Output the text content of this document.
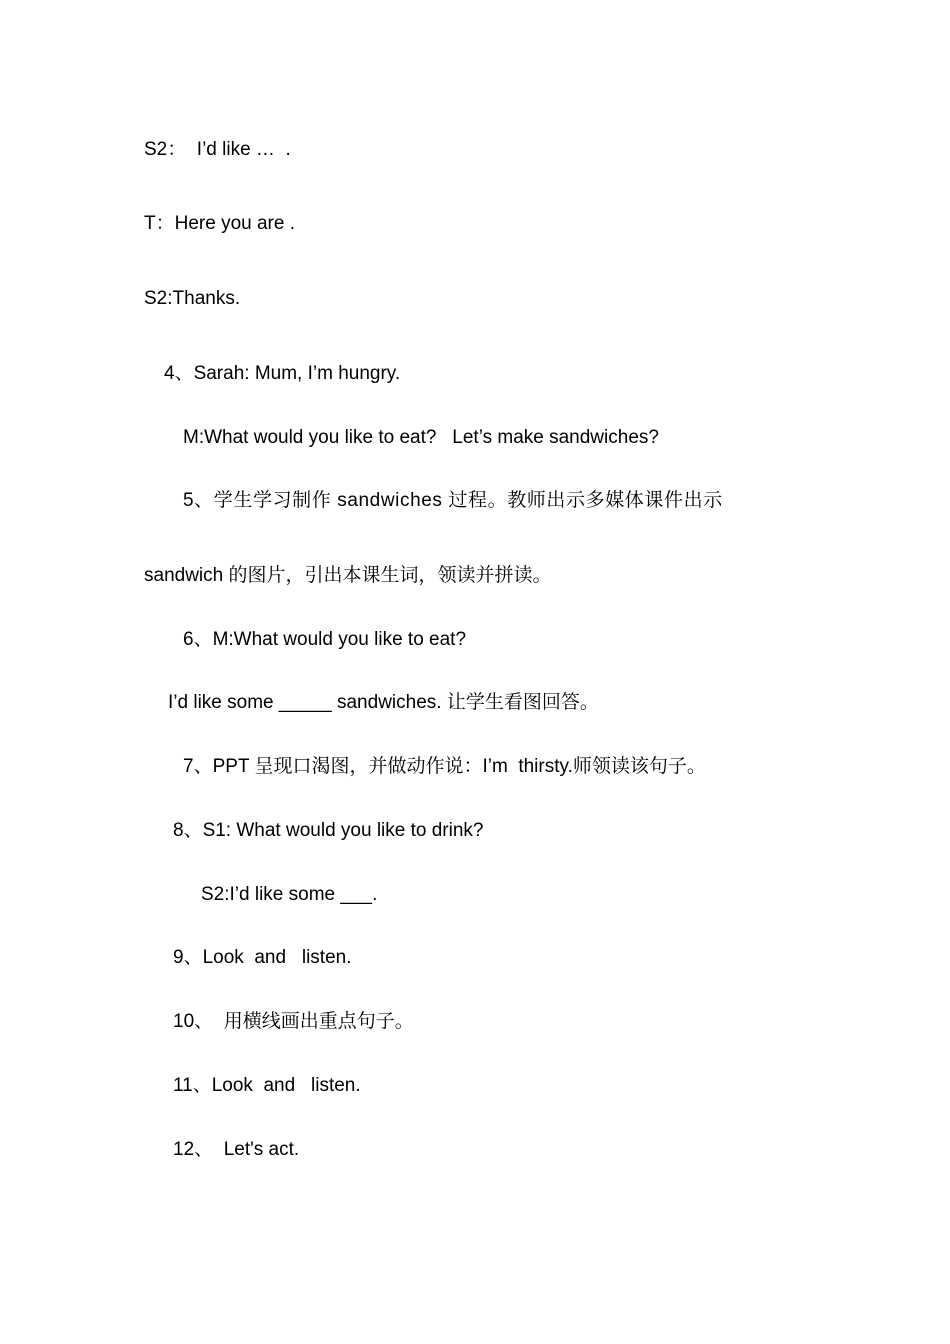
S2：  I’d like …  .
T：Here you are .
S2:Thanks.
4、Sarah: Mum, I’m hungry.
M:What would you like to eat?   Let’s make sandwiches?
5、学生学习制作 sandwiches 过程。教师出示多媒体课件出示
sandwich 的图片，引出本课生词，领读并拼读。
6、M:What would you like to eat?
I’d like some _____ sandwiches. 让学生看图回答。
7、PPT 呈现口渴图，并做动作说：I’m  thirsty.师领读该句子。
8、S1: What would you like to drink?
S2:I’d like some ___.
9、Look  and   listen.
10、  用横线画出重点句子。
11、Look  and   listen.
12、  Let's act.
